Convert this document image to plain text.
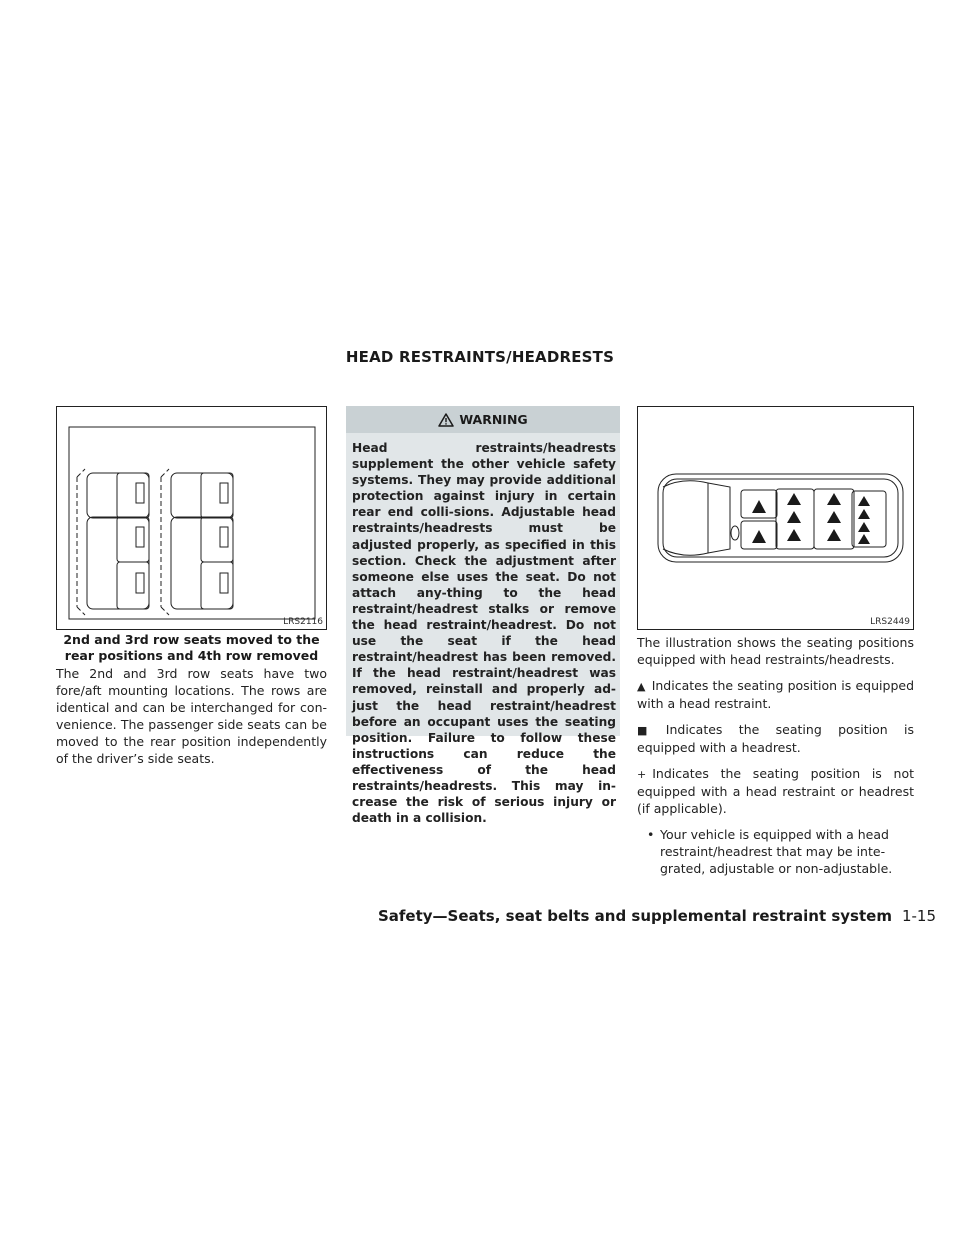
HEAD RESTRAINTS/HEADRESTS
LRS2116
2nd and 3rd row seats moved to the rear positions and 4th row removed
The 2nd and 3rd row seats have two fore/aft mounting locations. The rows are identical and can be interchanged for con-venience. The passenger side seats can be moved to the rear position independently of the driver’s side seats.
WARNING
Head restraints/headrests supplement the other vehicle safety systems. They may provide additional protection against injury in certain rear end colli-sions. Adjustable head restraints/headrests must be adjusted properly, as specified in this section. Check the adjustment after someone else uses the seat. Do not attach any-thing to the head restraint/headrest stalks or remove the head restraint/headrest. Do not use the seat if the head restraint/headrest has been removed. If the head restraint/headrest was removed, reinstall and properly ad-just the head restraint/headrest before an occupant uses the seating position. Failure to follow these instructions can reduce the effectiveness of the head restraints/headrests. This may in-crease the risk of serious injury or death in a collision.
LRS2449

The illustration shows the seating positions equipped with head restraints/headrests.

▲ Indicates the seating position is equipped with a head restraint.

■ Indicates the seating position is equipped with a headrest.

+ Indicates the seating position is not equipped with a head restraint or headrest (if applicable).

• Your vehicle is equipped with a head restraint/headrest that may be inte-grated, adjustable or non-adjustable.
Safety—Seats, seat belts and supplemental restraint system 1-15
